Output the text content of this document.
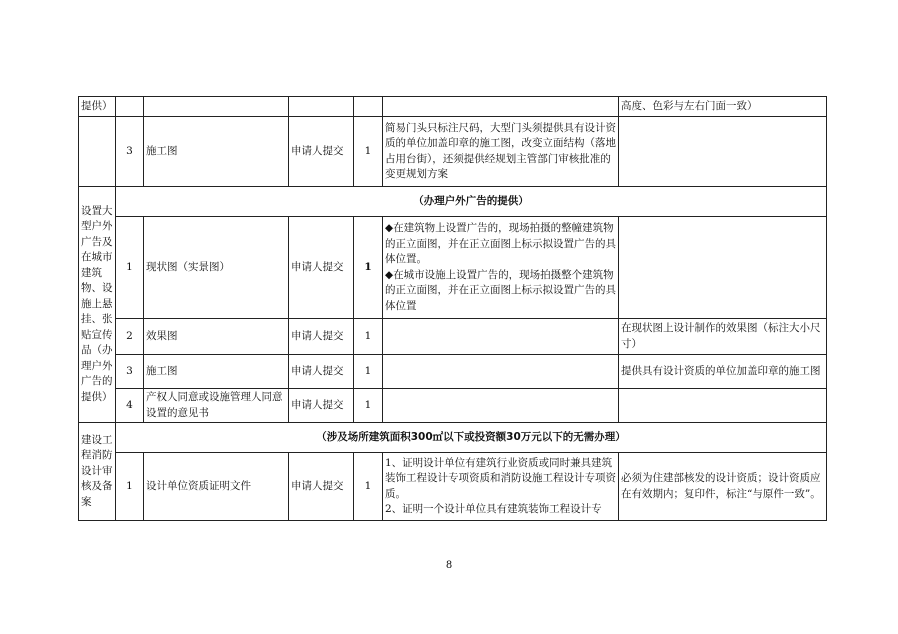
提供）						高度、色彩与左右门面一致）
	3	施工图	申请人提交	1	简易门头只标注尺码，大型门头须提供具有设计资质的单位加盖印章的施工图，改变立面结构（落地占用台街），还须提供经规划主管部门审核批准的变更规划方案	
设置大型户外广告及在城市建筑物、设施上悬挂、张贴宣传品（办理户外广告的提供）	（办理户外广告的提供）					
	1	现状图（实景图）	申请人提交	1	◆在建筑物上设置广告的，现场拍摄的整幢建筑物的正立面图，并在正立面图上标示拟设置广告的具体位置。
◆在城市设施上设置广告的，现场拍摄整个建筑物的正立面图，并在正立面图上标示拟设置广告的具体位置	

	2	效果图	申请人提交	1		在现状图上设计制作的效果图（标注大小尺寸）
	3	施工图	申请人提交	1		提供具有设计资质的单位加盖印章的施工图
	4	产权人同意或设施管理人同意设置的意见书	申请人提交	1		
建设工程消防设计审核及备案	（涉及场所建筑面积300㎡以下或投资额30万元以下的无需办理）					
	1	设计单位资质证明文件	申请人提交	1	1、证明设计单位有建筑行业资质或同时兼具建筑装饰工程设计专项资质和消防设施工程设计专项资质。
2、证明一个设计单位具有建筑装饰工程设计专	必须为住建部核发的设计资质；设计资质应在有效期内；复印件，标注“与原件一致”。
8
